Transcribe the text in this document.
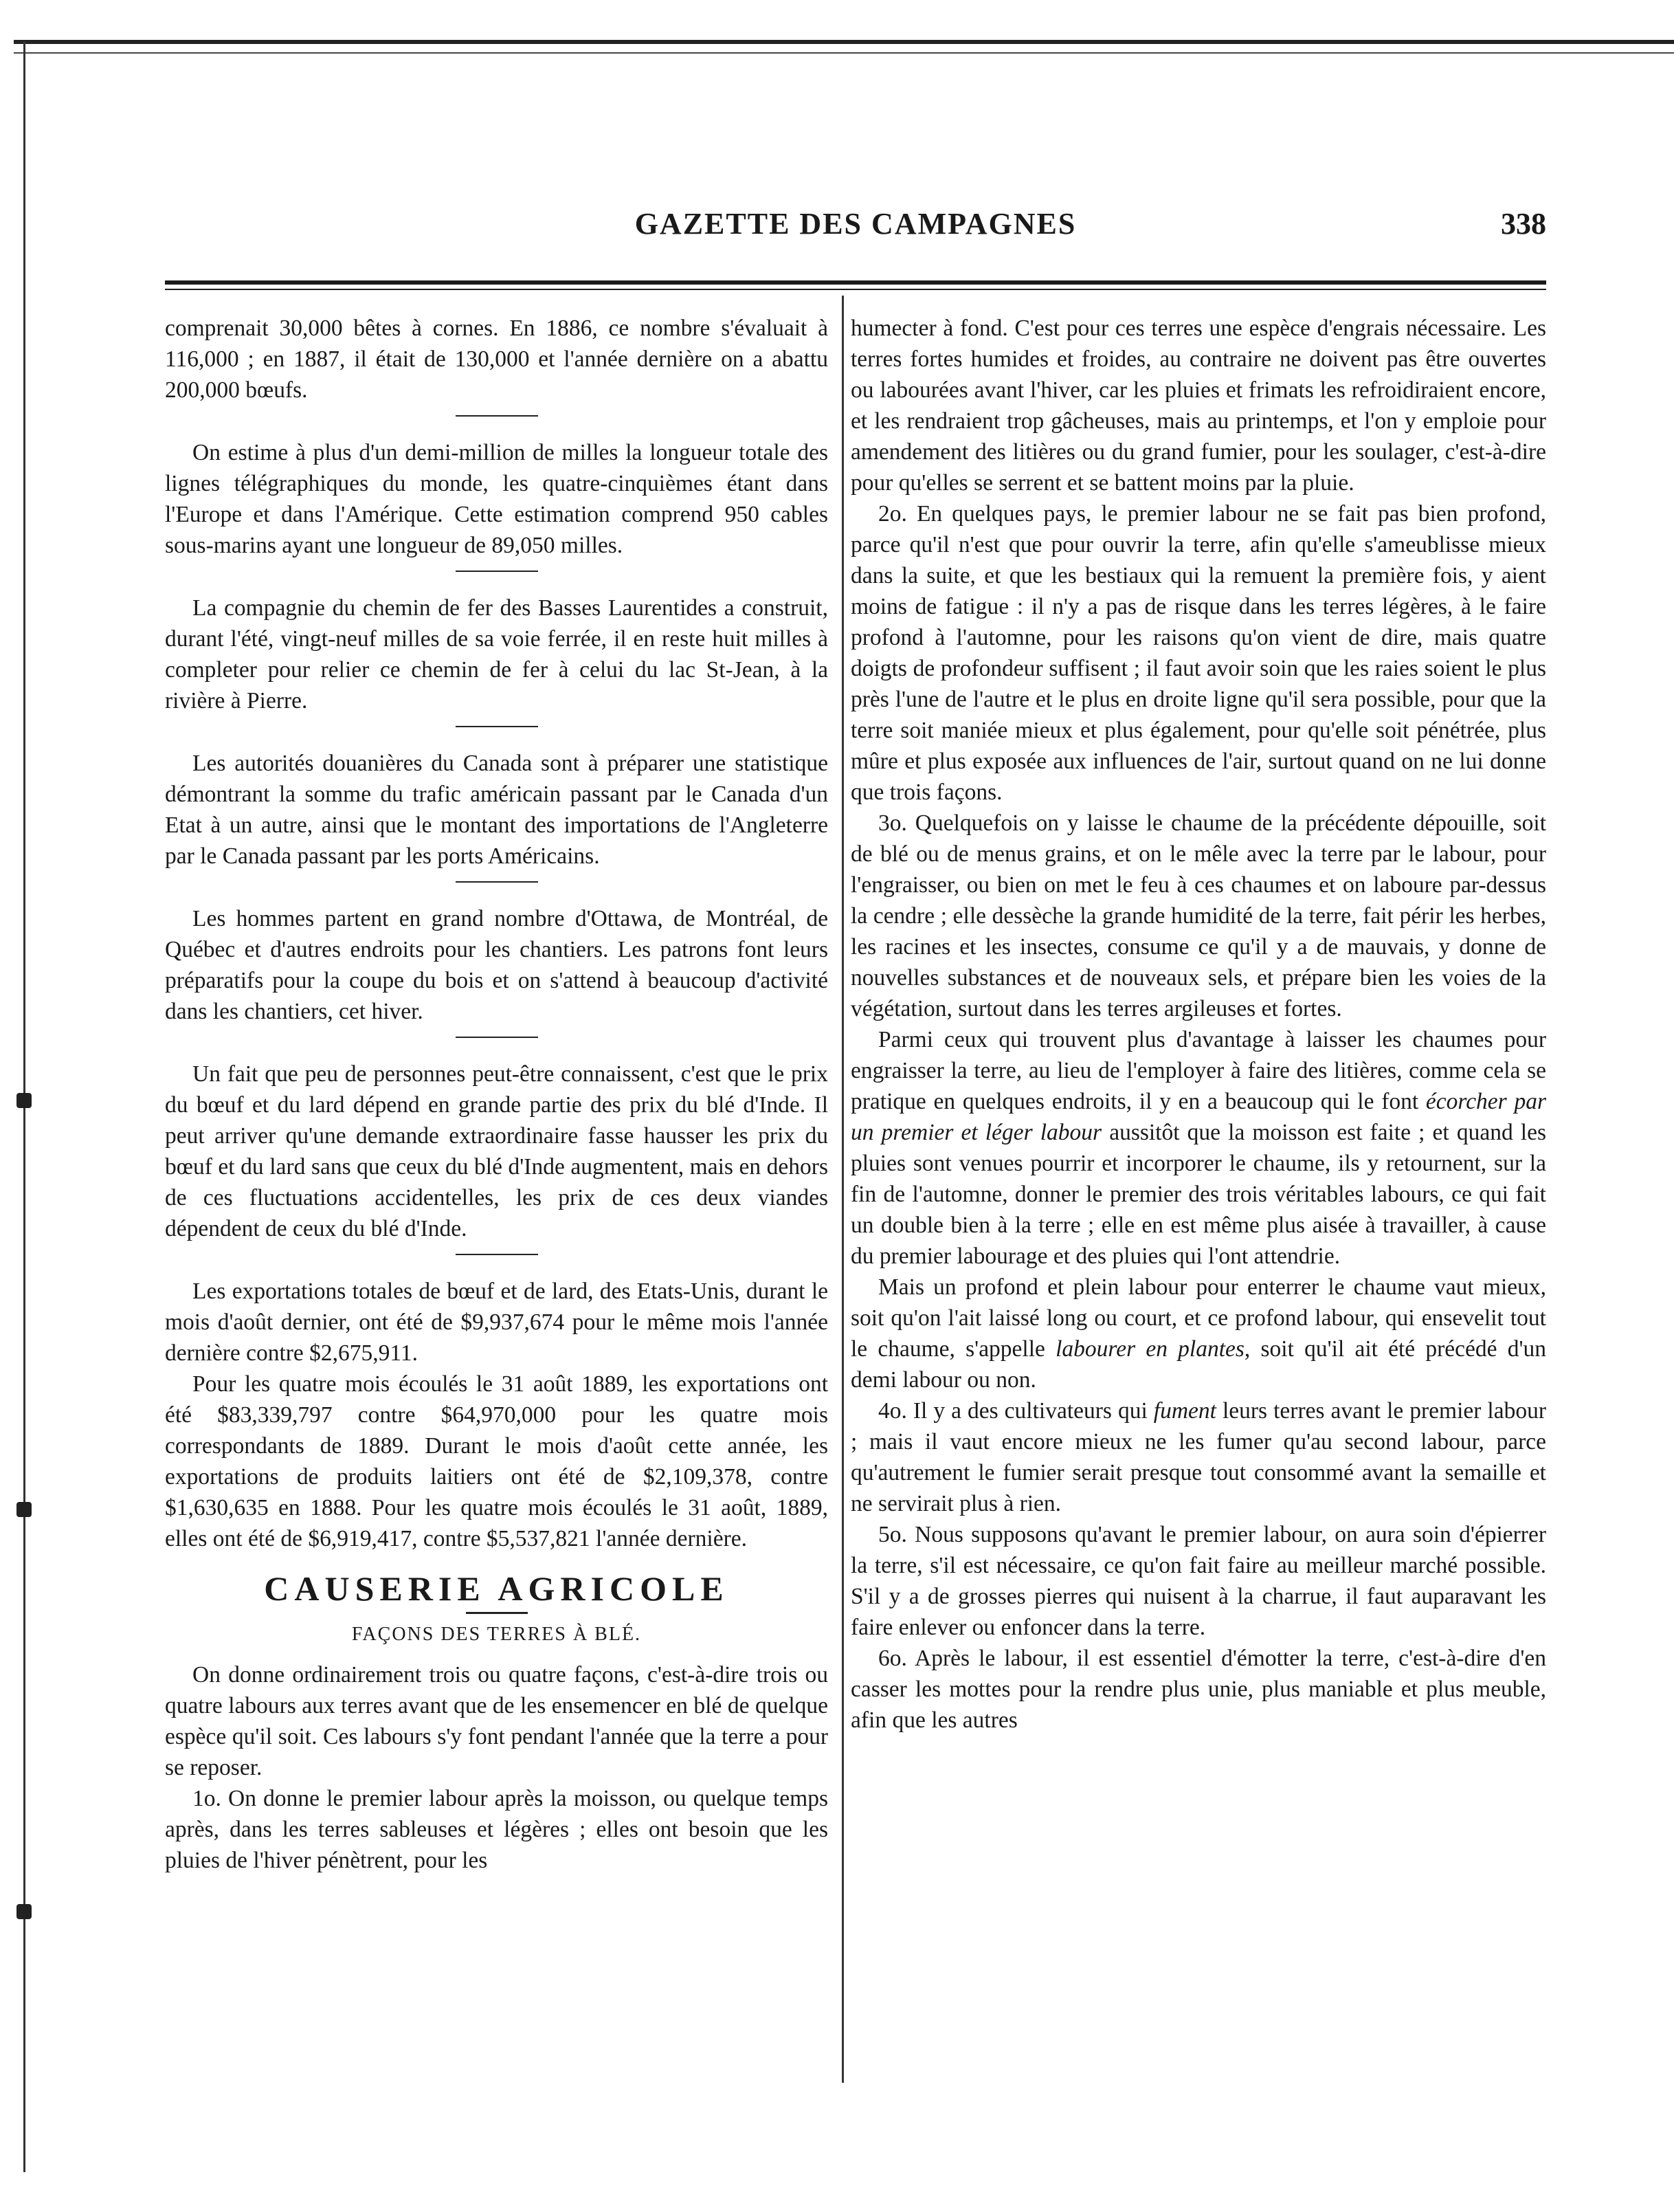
GAZETTE DES CAMPAGNES	338

comprenait 30,000 bêtes à cornes. En 1886, ce nombre s'évaluait à 116,000 ; en 1887, il était de 130,000 et l'année dernière on a abattu 200,000 bœufs.

On estime à plus d'un demi-million de milles la longueur totale des lignes télégraphiques du monde, les quatre-cinquièmes étant dans l'Europe et dans l'Amérique. Cette estimation comprend 950 cables sous-marins ayant une longueur de 89,050 milles.

La compagnie du chemin de fer des Basses Laurentides a construit, durant l'été, vingt-neuf milles de sa voie ferrée, il en reste huit milles à completer pour relier ce chemin de fer à celui du lac St-Jean, à la rivière à Pierre.

Les autorités douanières du Canada sont à préparer une statistique démontrant la somme du trafic américain passant par le Canada d'un Etat à un autre, ainsi que le montant des importations de l'Angleterre par le Canada passant par les ports Américains.

Les hommes partent en grand nombre d'Ottawa, de Montréal, de Québec et d'autres endroits pour les chantiers. Les patrons font leurs préparatifs pour la coupe du bois et on s'attend à beaucoup d'activité dans les chantiers, cet hiver.

Un fait que peu de personnes peut-être connaissent, c'est que le prix du bœuf et du lard dépend en grande partie des prix du blé d'Inde. Il peut arriver qu'une demande extraordinaire fasse hausser les prix du bœuf et du lard sans que ceux du blé d'Inde augmentent, mais en dehors de ces fluctuations accidentelles, les prix de ces deux viandes dépendent de ceux du blé d'Inde.

Les exportations totales de bœuf et de lard, des Etats-Unis, durant le mois d'août dernier, ont été de $9,937,674 pour le même mois l'année dernière contre $2,675,911.

Pour les quatre mois écoulés le 31 août 1889, les exportations ont été $83,339,797 contre $64,970,000 pour les quatre mois correspondants de 1889. Durant le mois d'août cette année, les exportations de produits laitiers ont été de $2,109,378, contre $1,630,635 en 1888. Pour les quatre mois écoulés le 31 août, 1889, elles ont été de $6,919,417, contre $5,537,821 l'année dernière.

CAUSERIE AGRICOLE
FAÇONS DES TERRES À BLÉ.

On donne ordinairement trois ou quatre façons, c'est-à-dire trois ou quatre labours aux terres avant que de les ensemencer en blé de quelque espèce qu'il soit. Ces labours s'y font pendant l'année que la terre a pour se reposer.

1o. On donne le premier labour après la moisson, ou quelque temps après, dans les terres sableuses et légères ; elles ont besoin que les pluies de l'hiver pénètrent, pour les

humecter à fond. C'est pour ces terres une espèce d'engrais nécessaire. Les terres fortes humides et froides, au contraire ne doivent pas être ouvertes ou labourées avant l'hiver, car les pluies et frimats les refroidiraient encore, et les rendraient trop gâcheuses, mais au printemps, et l'on y emploie pour amendement des litières ou du grand fumier, pour les soulager, c'est-à-dire pour qu'elles se serrent et se battent moins par la pluie.

2o. En quelques pays, le premier labour ne se fait pas bien profond, parce qu'il n'est que pour ouvrir la terre, afin qu'elle s'ameublisse mieux dans la suite, et que les bestiaux qui la remuent la première fois, y aient moins de fatigue : il n'y a pas de risque dans les terres légères, à le faire profond à l'automne, pour les raisons qu'on vient de dire, mais quatre doigts de profondeur suffisent ; il faut avoir soin que les raies soient le plus près l'une de l'autre et le plus en droite ligne qu'il sera possible, pour que la terre soit maniée mieux et plus également, pour qu'elle soit pénétrée, plus mûre et plus exposée aux influences de l'air, surtout quand on ne lui donne que trois façons.

3o. Quelquefois on y laisse le chaume de la précédente dépouille, soit de blé ou de menus grains, et on le mêle avec la terre par le labour, pour l'engraisser, ou bien on met le feu à ces chaumes et on laboure par-dessus la cendre ; elle dessèche la grande humidité de la terre, fait périr les herbes, les racines et les insectes, consume ce qu'il y a de mauvais, y donne de nouvelles substances et de nouveaux sels, et prépare bien les voies de la végétation, surtout dans les terres argileuses et fortes.

Parmi ceux qui trouvent plus d'avantage à laisser les chaumes pour engraisser la terre, au lieu de l'employer à faire des litières, comme cela se pratique en quelques endroits, il y en a beaucoup qui le font écorcher par un premier et léger labour aussitôt que la moisson est faite ; et quand les pluies sont venues pourrir et incorporer le chaume, ils y retournent, sur la fin de l'automne, donner le premier des trois véritables labours, ce qui fait un double bien à la terre ; elle en est même plus aisée à travailler, à cause du premier labourage et des pluies qui l'ont attendrie.

Mais un profond et plein labour pour enterrer le chaume vaut mieux, soit qu'on l'ait laissé long ou court, et ce profond labour, qui ensevelit tout le chaume, s'appelle labourer en plantes, soit qu'il ait été précédé d'un demi labour ou non.

4o. Il y a des cultivateurs qui fument leurs terres avant le premier labour ; mais il vaut encore mieux ne les fumer qu'au second labour, parce qu'autrement le fumier serait presque tout consommé avant la semaille et ne servirait plus à rien.

5o. Nous supposons qu'avant le premier labour, on aura soin d'épierrer la terre, s'il est nécessaire, ce qu'on fait faire au meilleur marché possible. S'il y a de grosses pierres qui nuisent à la charrue, il faut auparavant les faire enlever ou enfoncer dans la terre.

6o. Après le labour, il est essentiel d'émotter la terre, c'est-à-dire d'en casser les mottes pour la rendre plus unie, plus maniable et plus meuble, afin que les autres
